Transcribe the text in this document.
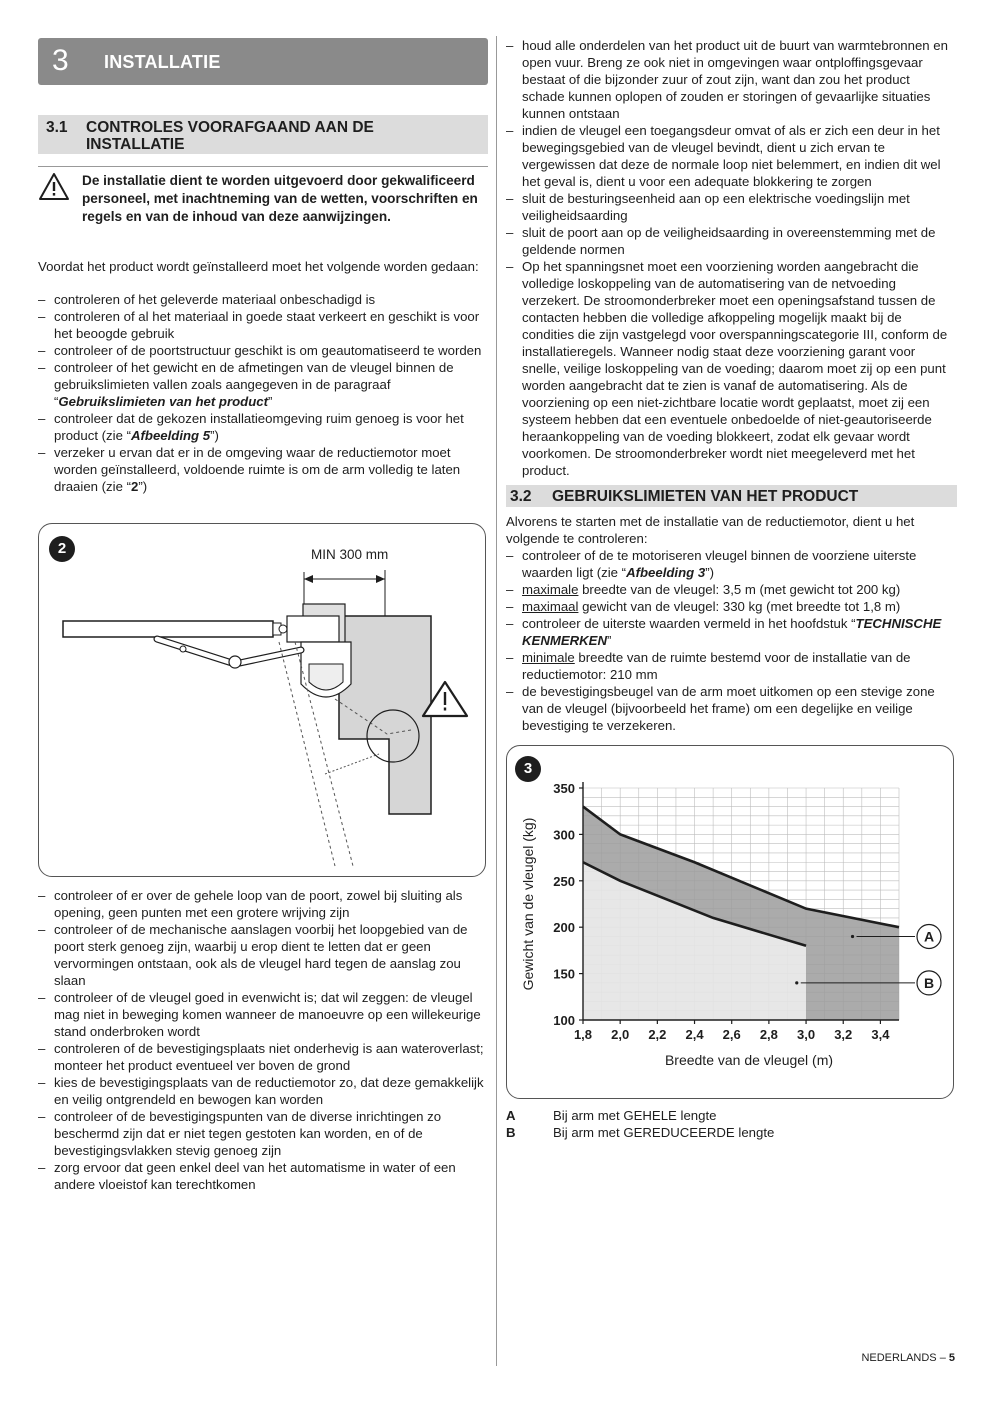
3 INSTALLATIE
3.1 CONTROLES VOORAFGAAND AAN DE
INSTALLATIE
De installatie dient te worden uitgevoerd door gekwalificeerd personeel, met inachtneming van de wetten, voorschriften en regels en van de inhoud van deze aanwijzingen.

Voordat het product wordt geïnstalleerd moet het volgende worden gedaan:

– controleren of het geleverde materiaal onbeschadigd is
– controleren of al het materiaal in goede staat verkeert en geschikt is voor het beoogde gebruik
– controleer of de poortstructuur geschikt is om geautomatiseerd te worden
– controleer of het gewicht en de afmetingen van de vleugel binnen de gebruikslimieten vallen zoals aangegeven in de paragraaf “Gebruikslimieten van het product”
– controleer dat de gekozen installatieomgeving ruim genoeg is voor het product (zie “Afbeelding 5”)
– verzeker u ervan dat er in de omgeving waar de reductiemotor moet worden geïnstalleerd, voldoende ruimte is om de arm volledig te laten draaien (zie “2”)
2	MIN 300 mm
– controleer of er over de gehele loop van de poort, zowel bij sluiting als opening, geen punten met een grotere wrijving zijn
– controleer of de mechanische aanslagen voorbij het loopgebied van de poort sterk genoeg zijn, waarbij u erop dient te letten dat er geen vervormingen ontstaan, ook als de vleugel hard tegen de aanslag zou slaan
– controleer of de vleugel goed in evenwicht is; dat wil zeggen: de vleugel mag niet in beweging komen wanneer de manoeuvre op een willekeurige stand onderbroken wordt
– controleren of de bevestigingsplaats niet onderhevig is aan wateroverlast; monteer het product eventueel ver boven de grond
– kies de bevestigingsplaats van de reductiemotor zo, dat deze gemakkelijk en veilig ontgrendeld en bewogen kan worden
– controleer of de bevestigingspunten van de diverse inrichtingen zo beschermd zijn dat er niet tegen gestoten kan worden, en of de bevestigingsvlakken stevig genoeg zijn
– zorg ervoor dat geen enkel deel van het automatisme in water of een andere vloeistof kan terechtkomen
– houd alle onderdelen van het product uit de buurt van warmtebronnen en open vuur. Breng ze ook niet in omgevingen waar ontploffingsgevaar bestaat of die bijzonder zuur of zout zijn, want dan zou het product schade kunnen oplopen of zouden er storingen of gevaarlijke situaties kunnen ontstaan
– indien de vleugel een toegangsdeur omvat of als er zich een deur in het bewegingsgebied van de vleugel bevindt, dient u zich ervan te vergewissen dat deze de normale loop niet belemmert, en indien dit wel het geval is, dient u voor een adequate blokkering te zorgen
– sluit de besturingseenheid aan op een elektrische voedingslijn met veiligheidsaarding
– sluit de poort aan op de veiligheidsaarding in overeenstemming met de geldende normen
– Op het spanningsnet moet een voorziening worden aangebracht die volledige loskoppeling van de automatisering van de netvoeding verzekert. De stroomonderbreker moet een openingsafstand tussen de contacten hebben die volledige afkoppeling mogelijk maakt bij de condities die zijn vastgelegd voor overspanningscategorie III, conform de installatieregels. Wanneer nodig staat deze voorziening garant voor snelle, veilige loskoppeling van de voeding; daarom moet zij op een punt worden aangebracht dat te zien is vanaf de automatisering. Als de voorziening op een niet-zichtbare locatie wordt geplaatst, moet zij een systeem hebben dat een eventuele onbedoelde of niet-geautoriseerde heraankoppeling van de voeding blokkeert, zodat elk gevaar wordt voorkomen. De stroomonderbreker wordt niet meegeleverd met het product.
3.2 GEBRUIKSLIMIETEN VAN HET PRODUCT

Alvorens te starten met de installatie van de reductiemotor, dient u het volgende te controleren:

– controleer of de te motoriseren vleugel binnen de voorziene uiterste waarden ligt (zie “Afbeelding 3”)
– maximale breedte van de vleugel: 3,5 m (met gewicht tot 200 kg)
– maximaal gewicht van de vleugel: 330 kg (met breedte tot 1,8 m)
– controleer de uiterste waarden vermeld in het hoofdstuk “TECHNISCHE KENMERKEN”
– minimale breedte van de ruimte bestemd voor de installatie van de reductiemotor: 210 mm
– de bevestigingsbeugel van de arm moet uitkomen op een stevige zone van de vleugel (bijvoorbeeld het frame) om een degelijke en veilige bevestiging te verzekeren.
3
1,8 2,0 2,2 2,4 2,6 2,8 3,0 3,2 3,4
100
150
200
250
300
350
Breedte van de vleugel (m)
Gewicht van de vleugel (kg)	A
B
A	Bij arm met GEHELE lengte
B	Bij arm met GEREDUCEERDE lengte
NEDERLANDS – 5
